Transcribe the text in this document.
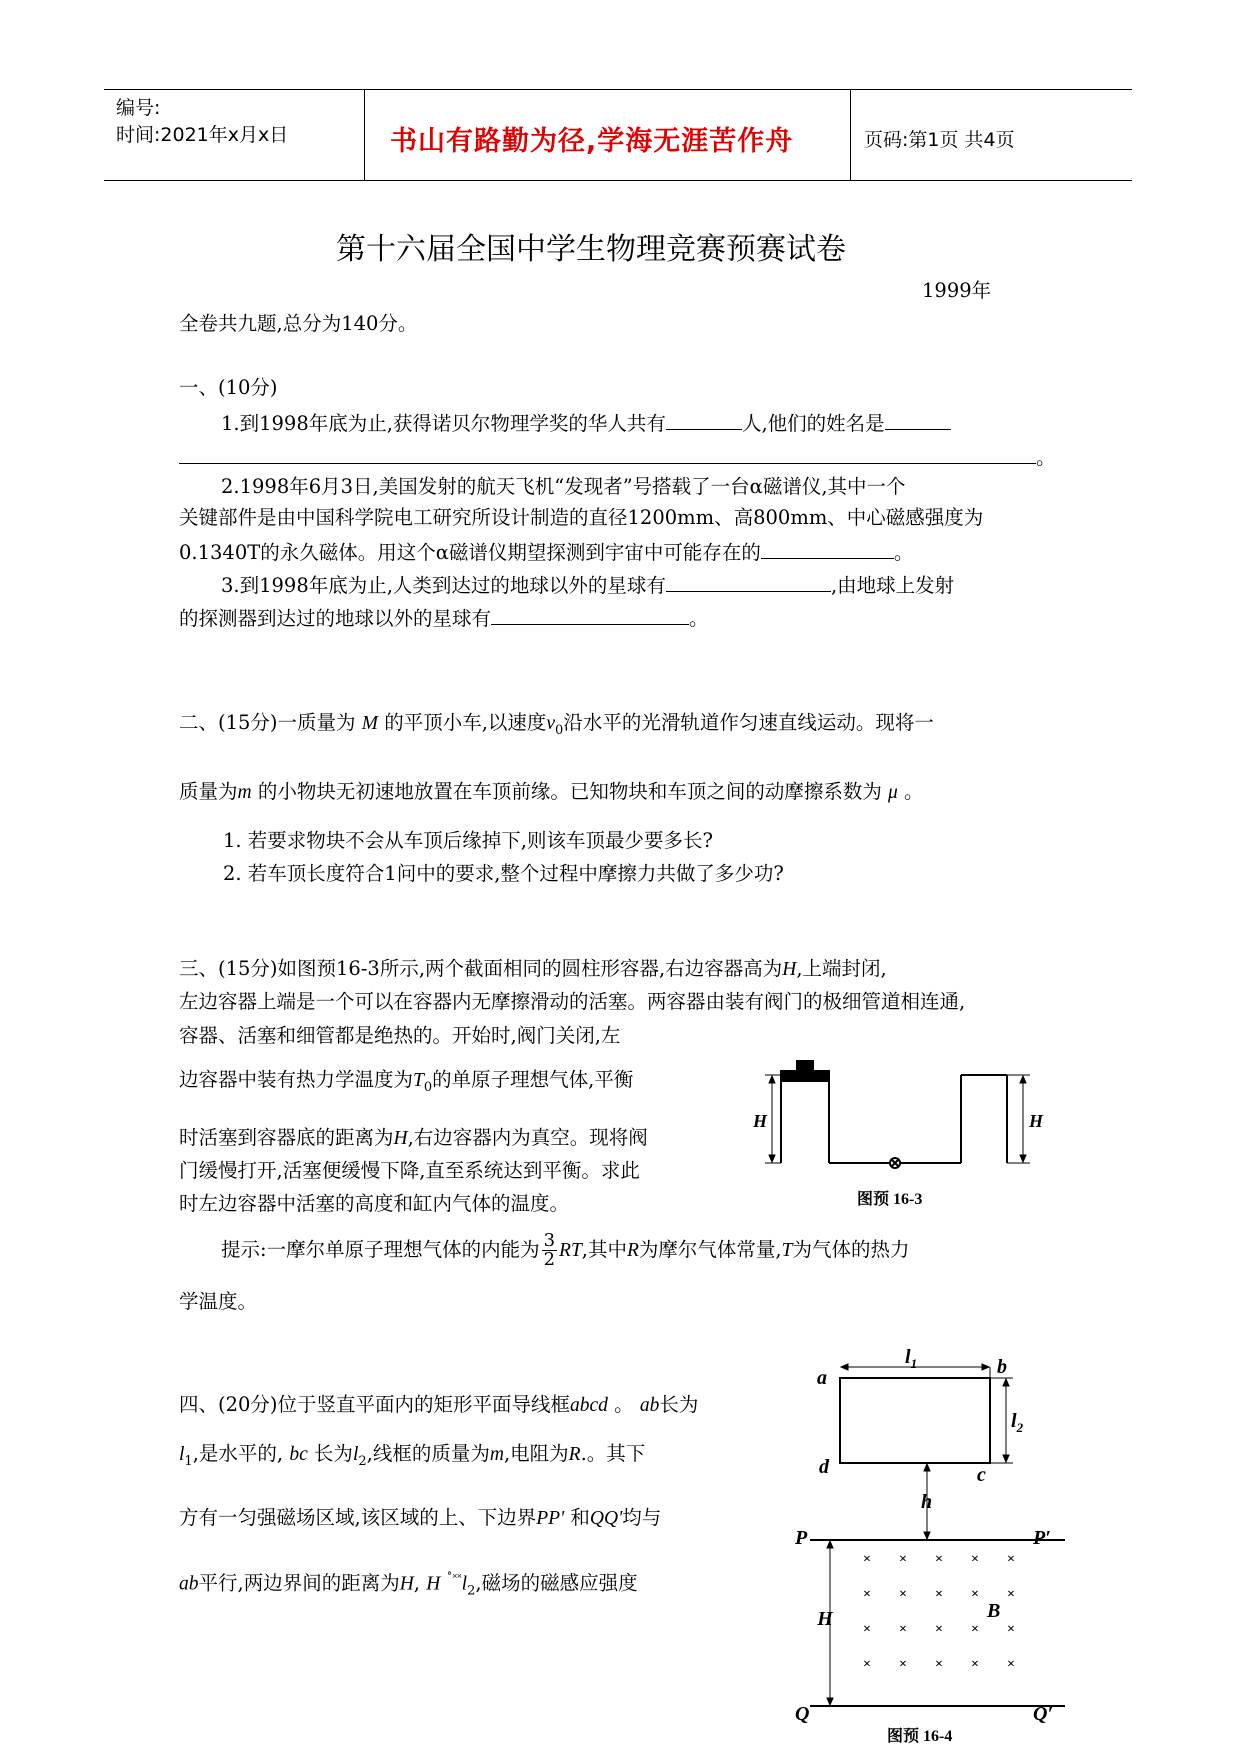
编号:
时间:2021年x月x日	书山有路勤为径,学海无涯苦作舟	页码:第1页 共4页
第十六届全国中学生物理竞赛预赛试卷
1999年
全卷共九题,总分为140分。
一、(10分)
1.到1998年底为止,获得诺贝尔物理学奖的华人共有	人,他们的姓名是
。
2.1998年6月3日,美国发射的航天飞机“发现者”号搭载了一台α磁谱仪,其中一个
关键部件是由中国科学院电工研究所设计制造的直径1200mm、高800mm、中心磁感强度为
0.1340T的永久磁体。用这个α磁谱仪期望探测到宇宙中可能存在的	。
3.到1998年底为止,人类到达过的地球以外的星球有	,由地球上发射
的探测器到达过的地球以外的星球有	。
二、(15分)一质量为 M 的平顶小车,以速度$v_0$沿水平的光滑轨道作匀速直线运动。现将一
质量为m 的小物块无初速地放置在车顶前缘。已知物块和车顶之间的动摩擦系数为 μ 。
1. 若要求物块不会从车顶后缘掉下,则该车顶最少要多长?
2. 若车顶长度符合1问中的要求,整个过程中摩擦力共做了多少功?
三、(15分)如图预16-3所示,两个截面相同的圆柱形容器,右边容器高为H,上端封闭,
左边容器上端是一个可以在容器内无摩擦滑动的活塞。两容器由装有阀门的极细管道相连通,
容器、活塞和细管都是绝热的。开始时,阀门关闭,左
边容器中装有热力学温度为$T_0$的单原子理想气体,平衡
时活塞到容器底的距离为H,右边容器内为真空。现将阀
门缓慢打开,活塞便缓慢下降,直至系统达到平衡。求此
时左边容器中活塞的高度和缸内气体的温度。
提示:一摩尔单原子理想气体的内能为 $\frac{3}{2}$ RT,其中R为摩尔气体常量,T为气体的热力
学温度。
H	H
图预 16-3
四、(20分)位于竖直平面内的矩形平面导线框abcd 。 ab长为
$l_1$,是水平的, bc 长为$l_2$,线框的质量为m,电阻为R.。其下
方有一匀强磁场区域,该区域的上、下边界PP' 和QQ'均与
ab平行,两边界间的距离为H, H $^{˚˟˟}l_2$,磁场的磁感应强度
× × × × ×
× × × × ×
× × × × ×
× × × × ×
a	b
d	c
$l_1$
$l_2$
h
P	P′
Q	Q′
H	B
图预 16-4
